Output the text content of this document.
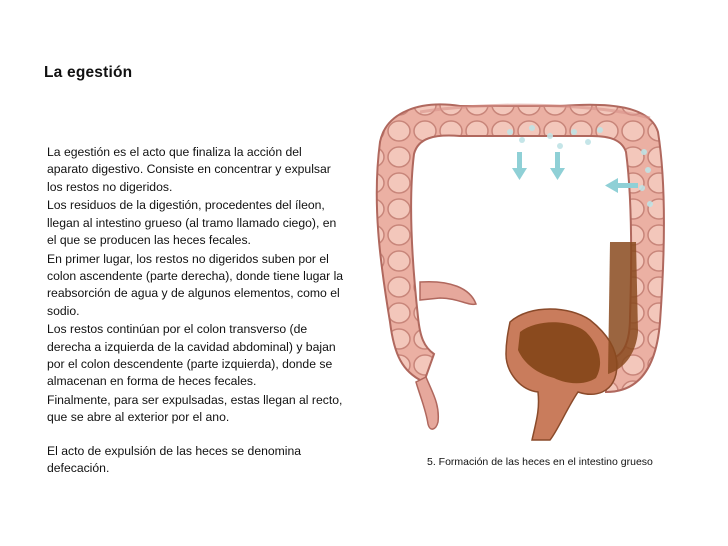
La egestión

La egestión es el acto que finaliza la acción del aparato digestivo. Consiste en concentrar y expulsar los restos no digeridos.

Los residuos de la digestión, procedentes del íleon, llegan al intestino grueso (al tramo llamado ciego), en el que se producen las heces fecales.

En primer lugar, los restos no digeridos suben por el colon ascendente (parte derecha), donde tiene lugar la reabsorción de agua y de algunos elementos, como el sodio.

Los restos continúan por el colon transverso (de derecha a izquierda de la cavidad abdominal) y bajan por el colon descendente (parte izquierda), donde se almacenan en forma de heces fecales.

Finalmente, para ser expulsadas, estas llegan al recto, que se abre al exterior por el ano.

El acto de expulsión de las heces se denomina defecación.	5. Formación de las heces en el intestino grueso
